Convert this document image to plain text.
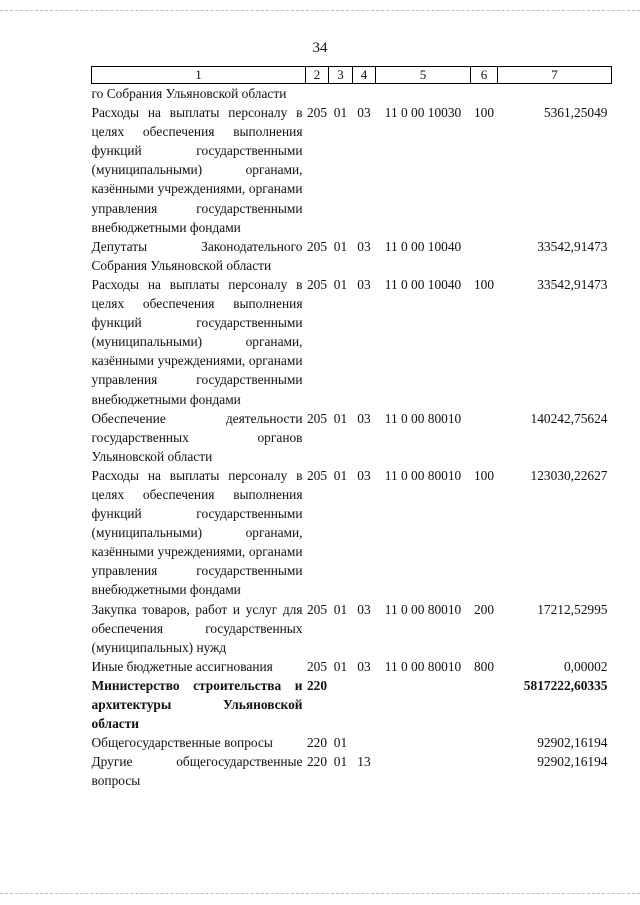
34
1	2	3	4	5	6	7
го Собрания Ульяновской области						
Расходы на выплаты персоналу в целях обеспечения выполнения функций государственными (муниципальными) органами, казёнными учреждениями, органами управления государственными внебюджетными фондами	205	01	03	11 0 00 10030	100	5361,25049
Депутаты Законодательного Собрания Ульяновской области	205	01	03	11 0 00 10040		33542,91473
Расходы на выплаты персоналу в целях обеспечения выполнения функций государственными (муниципальными) органами, казёнными учреждениями, органами управления государственными внебюджетными фондами	205	01	03	11 0 00 10040	100	33542,91473
Обеспечение деятельности государственных органов Ульяновской области	205	01	03	11 0 00 80010		140242,75624
Расходы на выплаты персоналу в целях обеспечения выполнения функций государственными (муниципальными) органами, казёнными учреждениями, органами управления государственными внебюджетными фондами	205	01	03	11 0 00 80010	100	123030,22627
Закупка товаров, работ и услуг для обеспечения государственных (муниципальных) нужд	205	01	03	11 0 00 80010	200	17212,52995
Иные бюджетные ассигнования	205	01	03	11 0 00 80010	800	0,00002
Министерство строительства и архитектуры Ульяновской области	220					5817222,60335
Общегосударственные вопросы	220	01				92902,16194
Другие общегосударственные вопросы	220	01	13			92902,16194
